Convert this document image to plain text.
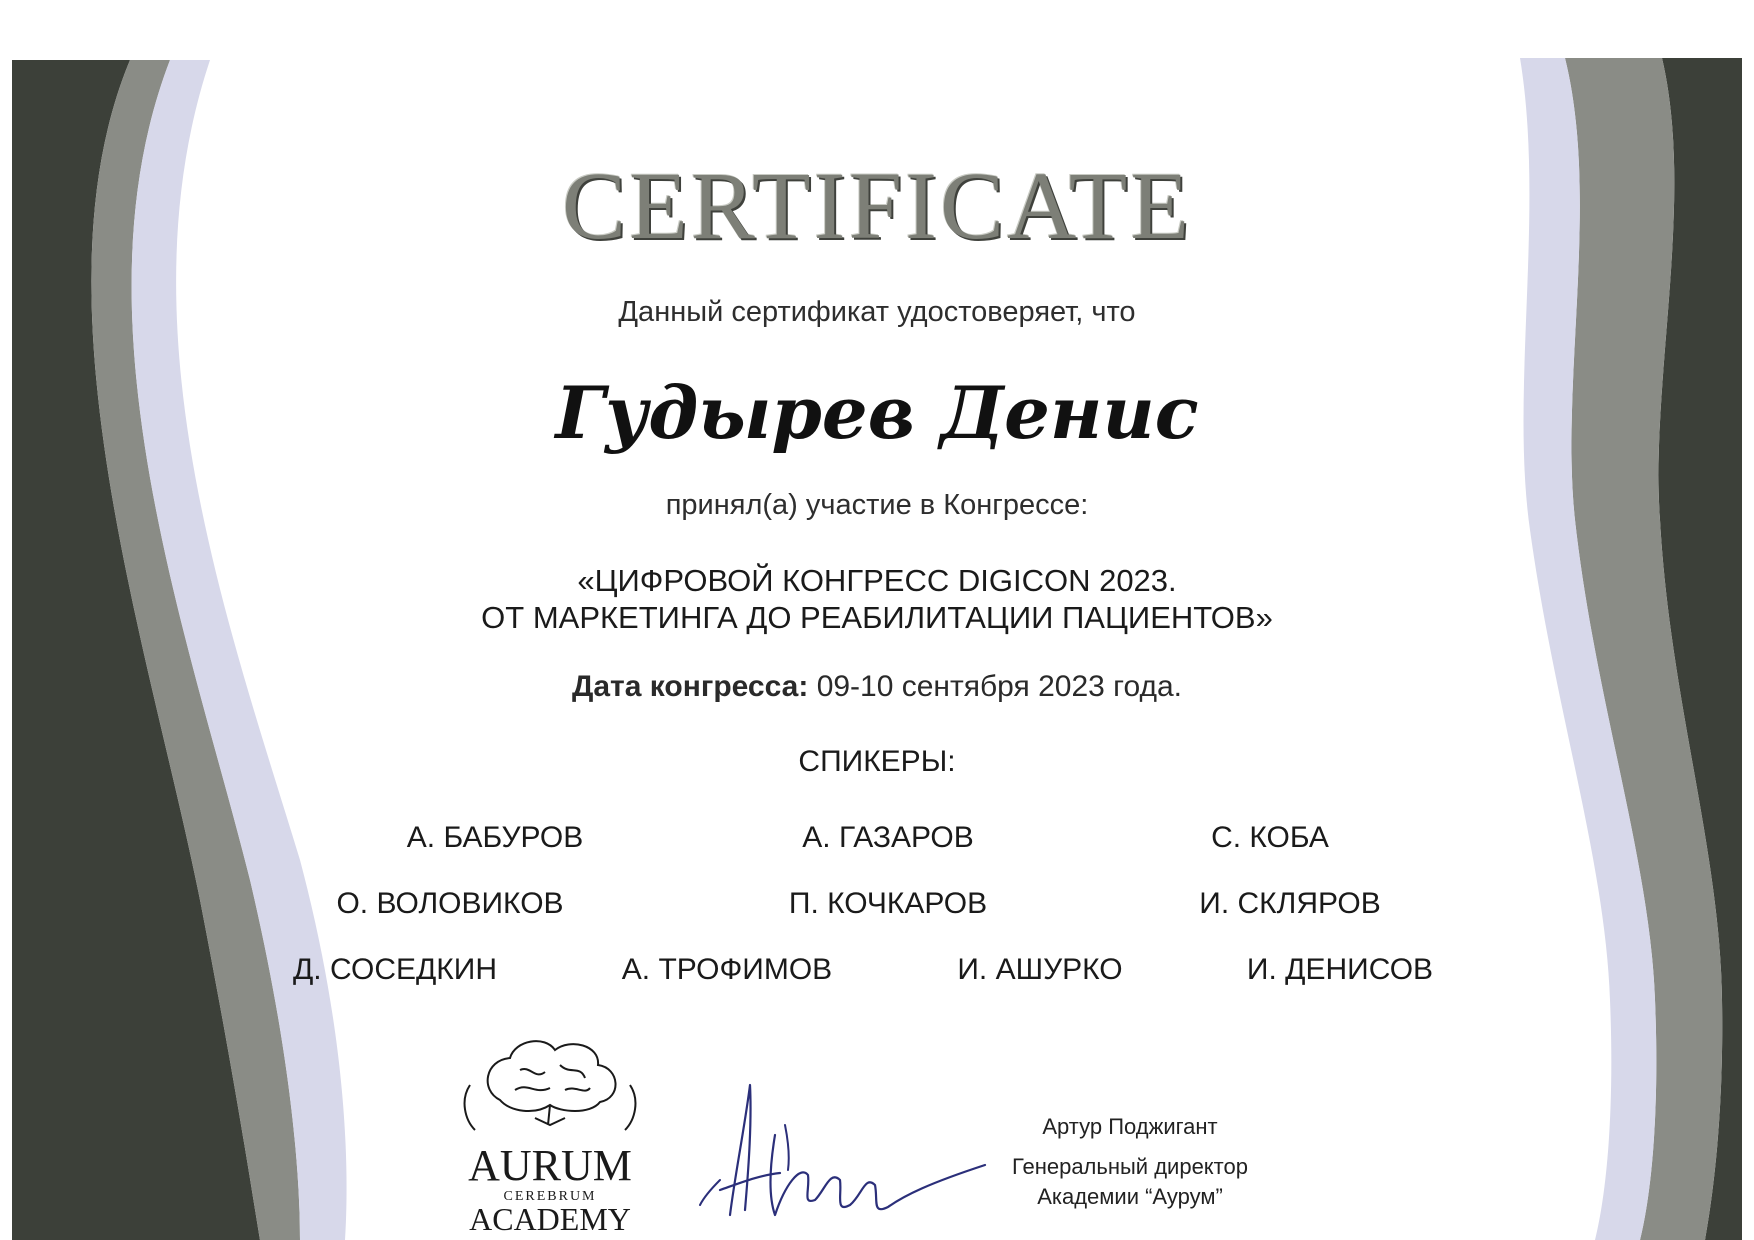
CERTIFICATE
Данный сертификат удостоверяет, что
Гудырев Денис
принял(а) участие в Конгрессе:
«ЦИФРОВОЙ КОНГРЕСС DIGICON 2023.
ОТ МАРКЕТИНГА ДО РЕАБИЛИТАЦИИ ПАЦИЕНТОВ»
Дата конгресса: 09-10 сентября 2023 года.
СПИКЕРЫ:
А. БАБУРОВ	А. ГАЗАРОВ	С. КОБА
О. ВОЛОВИКОВ	П. КОЧКАРОВ	И. СКЛЯРОВ
Д. СОСЕДКИН	А. ТРОФИМОВ	И. АШУРКО	И. ДЕНИСОВ
AURUM
CEREBRUM
ACADEMY
Артур Поджигант
Генеральный директор
Академии “Аурум”
